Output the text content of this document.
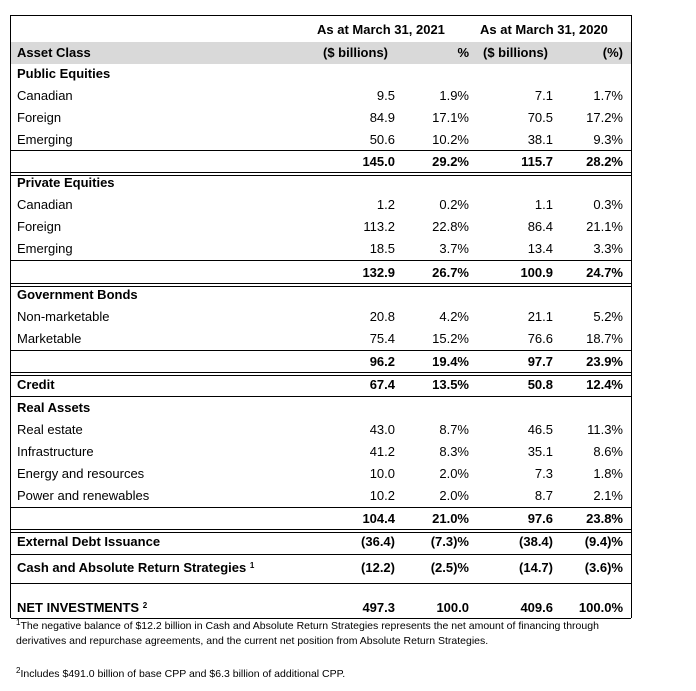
As at March 31, 2021	As at March 31, 2020
Asset Class	($ billions)	% ($ billions)	(%)
Public Equities
Canadian	9.5	1.9%	7.1	1.7%
Foreign	84.9	17.1%	70.5	17.2%
Emerging	50.6	10.2%	38.1	9.3%
145.0	29.2%	115.7	28.2%
Private Equities
Canadian	1.2	0.2%	1.1	0.3%
Foreign	113.2	22.8%	86.4	21.1%
Emerging	18.5	3.7%	13.4	3.3%
132.9	26.7%	100.9	24.7%
Government Bonds
Non-marketable	20.8	4.2%	21.1	5.2%
Marketable	75.4	15.2%	76.6	18.7%
96.2	19.4%	97.7	23.9%
Credit	67.4	13.5%	50.8	12.4%
Real Assets
Real estate	43.0	8.7%	46.5	11.3%
Infrastructure	41.2	8.3%	35.1	8.6%
Energy and resources	10.0	2.0%	7.3	1.8%
Power and renewables	10.2	2.0%	8.7	2.1%
104.4	21.0%	97.6	23.8%
External Debt Issuance	(36.4)	(7.3)%	(38.4) (9.4)%
Cash and Absolute Return Strategies $^1$	(12.2)	(2.5)%	(14.7) (3.6)%
NET INVESTMENTS $^2$	497.3	100.0	409.6 100.0%
$^1$The negative balance of $12.2 billion in Cash and Absolute Return Strategies represents the net amount of financing through derivatives and repurchase agreements, and the current net position from Absolute Return Strategies.
$^2$Includes $491.0 billion of base CPP and $6.3 billion of additional CPP.
